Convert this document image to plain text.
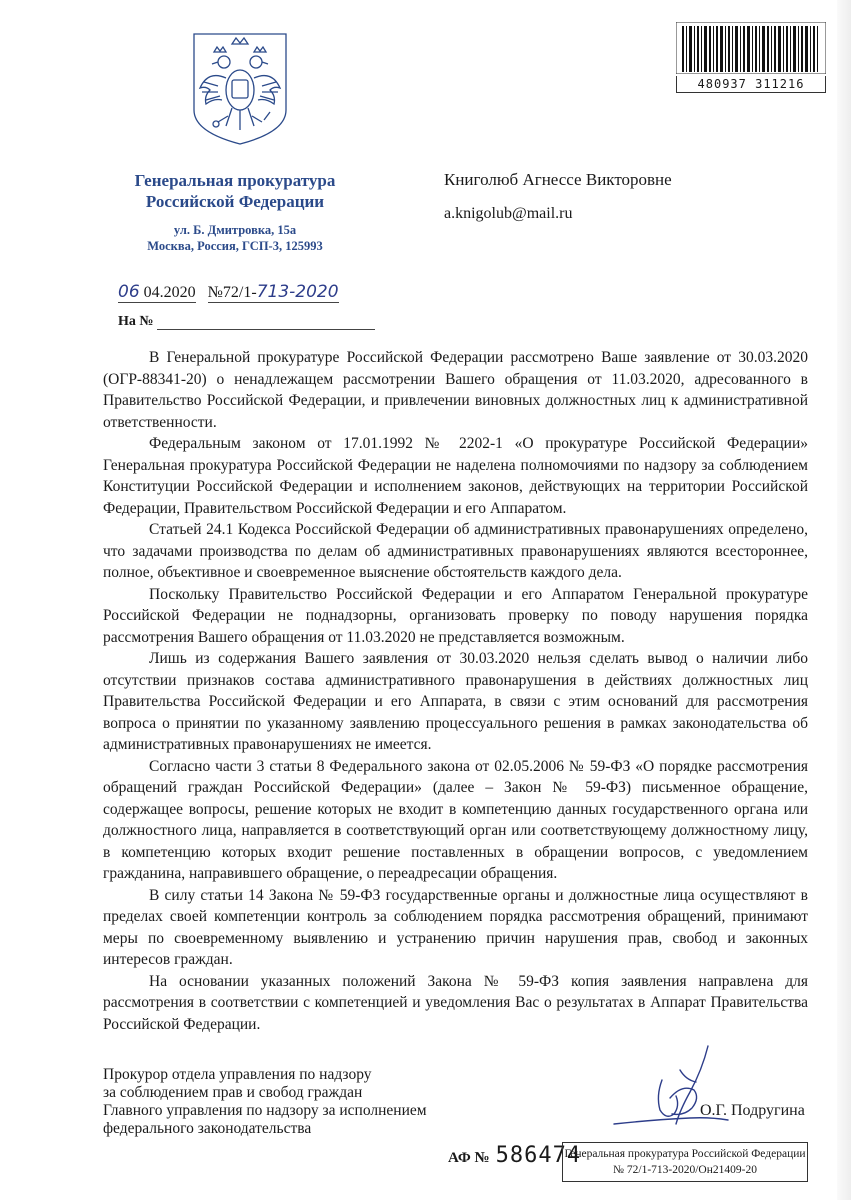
Генеральная прокуратура
Российской Федерации
ул. Б. Дмитровка, 15а
Москва, Россия, ГСП-3, 125993
480937 311216
Книголюб Агнессе Викторовне
a.knigolub@mail.ru
06 04.2020 №72/1-713-2020
На №

В Генеральной прокуратуре Российской Федерации рассмотрено Ваше заявление от 30.03.2020 (ОГР-88341-20) о ненадлежащем рассмотрении Вашего обращения от 11.03.2020, адресованного в Правительство Российской Федерации, и привлечении виновных должностных лиц к административной ответственности.

Федеральным законом от 17.01.1992 № 2202-1 «О прокуратуре Российской Федерации» Генеральная прокуратура Российской Федерации не наделена полномочиями по надзору за соблюдением Конституции Российской Федерации и исполнением законов, действующих на территории Российской Федерации, Правительством Российской Федерации и его Аппаратом.

Статьей 24.1 Кодекса Российской Федерации об административных правонарушениях определено, что задачами производства по делам об административных правонарушениях являются всестороннее, полное, объективное и своевременное выяснение обстоятельств каждого дела.

Поскольку Правительство Российской Федерации и его Аппаратом Генеральной прокуратуре Российской Федерации не поднадзорны, организовать проверку по поводу нарушения порядка рассмотрения Вашего обращения от 11.03.2020 не представляется возможным.

Лишь из содержания Вашего заявления от 30.03.2020 нельзя сделать вывод о наличии либо отсутствии признаков состава административного правонарушения в действиях должностных лиц Правительства Российской Федерации и его Аппарата, в связи с этим оснований для рассмотрения вопроса о принятии по указанному заявлению процессуального решения в рамках законодательства об административных правонарушениях не имеется.

Согласно части 3 статьи 8 Федерального закона от 02.05.2006 № 59-ФЗ «О порядке рассмотрения обращений граждан Российской Федерации» (далее – Закон № 59-ФЗ) письменное обращение, содержащее вопросы, решение которых не входит в компетенцию данных государственного органа или должностного лица, направляется в соответствующий орган или соответствующему должностному лицу, в компетенцию которых входит решение поставленных в обращении вопросов, с уведомлением гражданина, направившего обращение, о переадресации обращения.

В силу статьи 14 Закона № 59-ФЗ государственные органы и должностные лица осуществляют в пределах своей компетенции контроль за соблюдением порядка рассмотрения обращений, принимают меры по своевременному выявлению и устранению причин нарушения прав, свобод и законных интересов граждан.

На основании указанных положений Закона № 59-ФЗ копия заявления направлена для рассмотрения в соответствии с компетенцией и уведомления Вас о результатах в Аппарат Правительства Российской Федерации.

Прокурор отдела управления по надзору
за соблюдением прав и свобод граждан
Главного управления по надзору за исполнением
федерального законодательства
О.Г. Подругина
АФ № 586474
Генеральная прокуратура Российской Федерации
№ 72/1-713-2020/Он21409-20
